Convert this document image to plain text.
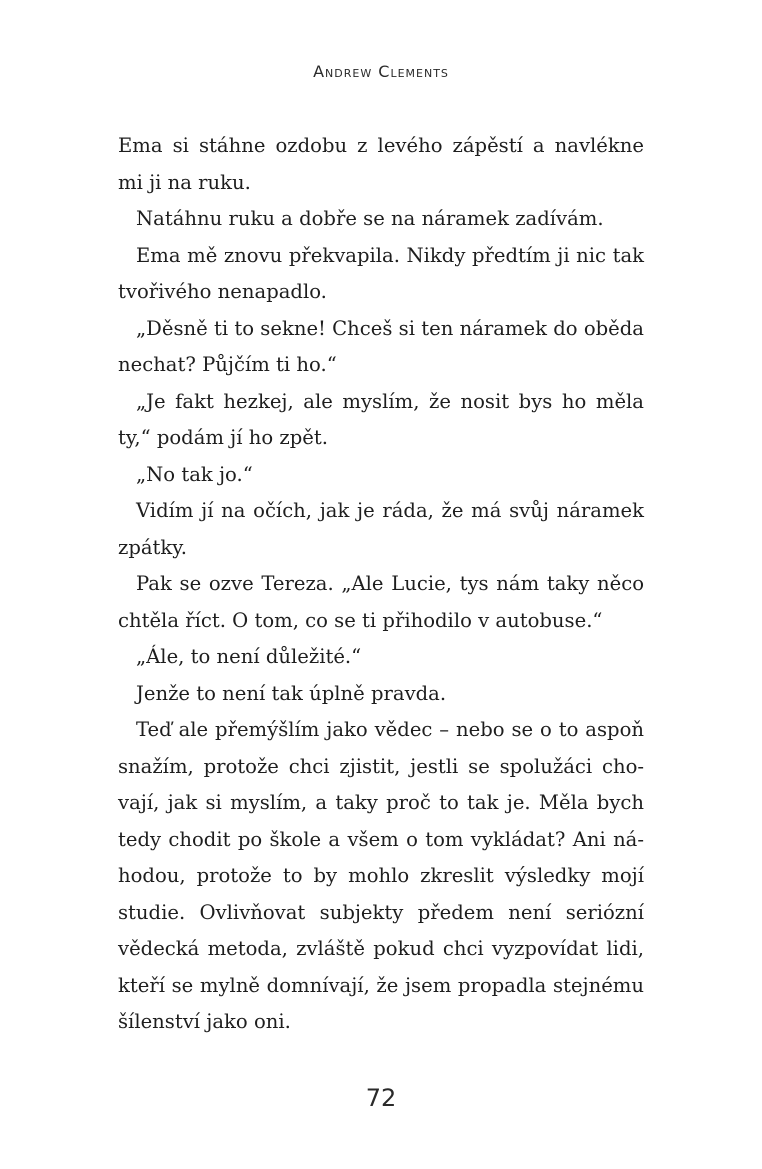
Andrew Clements

Ema si stáhne ozdobu z levého zápěstí a navlékne mi ji na ruku.

Natáhnu ruku a dobře se na náramek zadívám.

Ema mě znovu překvapila. Nikdy předtím ji nic tak tvořivého nenapadlo.

„Děsně ti to sekne! Chceš si ten náramek do oběda nechat? Půjčím ti ho.“

„Je fakt hezkej, ale myslím, že nosit bys ho měla ty,“ podám jí ho zpět.

„No tak jo.“

Vidím jí na očích, jak je ráda, že má svůj náramek zpátky.

Pak se ozve Tereza. „Ale Lucie, tys nám taky něco chtěla říct. O tom, co se ti přihodilo v autobuse.“

„Ále, to není důležité.“

Jenže to není tak úplně pravda.

Teď ale přemýšlím jako vědec – nebo se o to aspoň snažím, protože chci zjistit, jestli se spolužáci chovají, jak si myslím, a taky proč to tak je. Měla bych tedy chodit po škole a všem o tom vykládat? Ani náhodou, protože to by mohlo zkreslit výsledky mojí studie. Ovlivňovat subjekty předem není seriózní vědecká metoda, zvláště pokud chci vyzpovídat lidi, kteří se mylně domnívají, že jsem propadla stejnému šílenství jako oni.

72
